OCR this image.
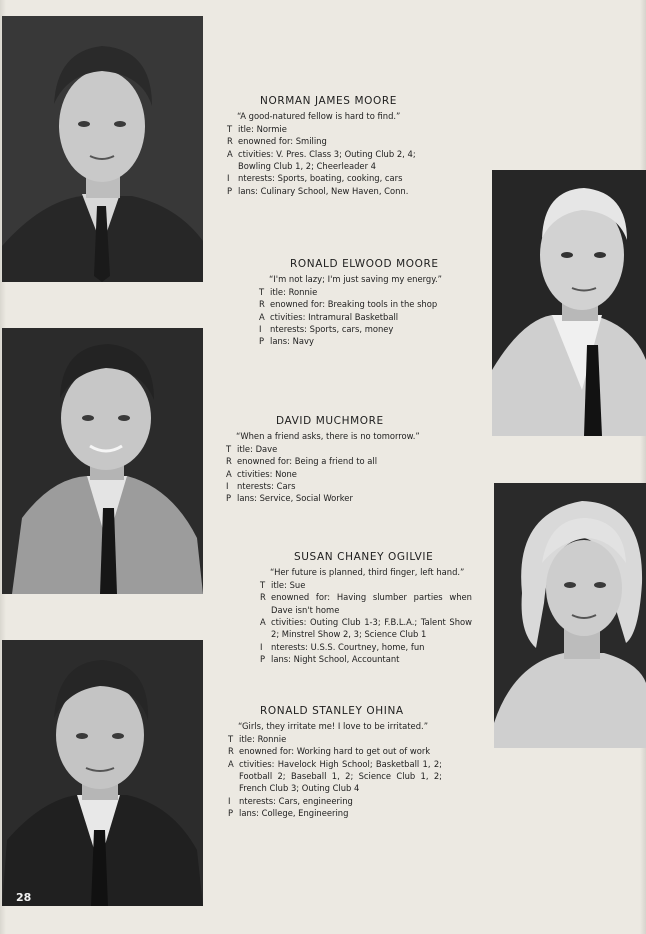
NORMAN JAMES MOORE
“A good-natured fellow is hard to find.”
T itle: Normie
R enowned for: Smiling
A ctivities: V. Pres. Class 3; Outing Club 2, 4; Bowling Club 1, 2; Cheerleader 4
I	nterests: Sports, boating, cooking, cars
P lans: Culinary School, New Haven, Conn.
RONALD ELWOOD MOORE
“I'm not lazy; I'm just saving my energy.”
T itle: Ronnie
R enowned for: Breaking tools in the shop
A ctivities: Intramural Basketball
I	nterests: Sports, cars, money
P lans: Navy
DAVID MUCHMORE
“When a friend asks, there is no tomorrow.”
T itle: Dave
R enowned for: Being a friend to all
A ctivities: None
I	nterests: Cars
P lans: Service, Social Worker
SUSAN CHANEY OGILVIE
“Her future is planned, third finger, left hand.”
T itle: Sue
R enowned for: Having slumber parties when Dave isn't home
A ctivities: Outing Club 1-3; F.B.L.A.; Talent Show 2; Minstrel Show 2, 3; Science Club 1
I	nterests: U.S.S. Courtney, home, fun
P lans: Night School, Accountant
RONALD STANLEY OHINA
“Girls, they irritate me! I love to be irritated.”
T itle: Ronnie
R enowned for: Working hard to get out of work
A ctivities: Havelock High School; Basketball 1, 2; Football 2; Baseball 1, 2; Science Club 1, 2; French Club 3; Outing Club 4
I	nterests: Cars, engineering
P lans: College, Engineering
28
